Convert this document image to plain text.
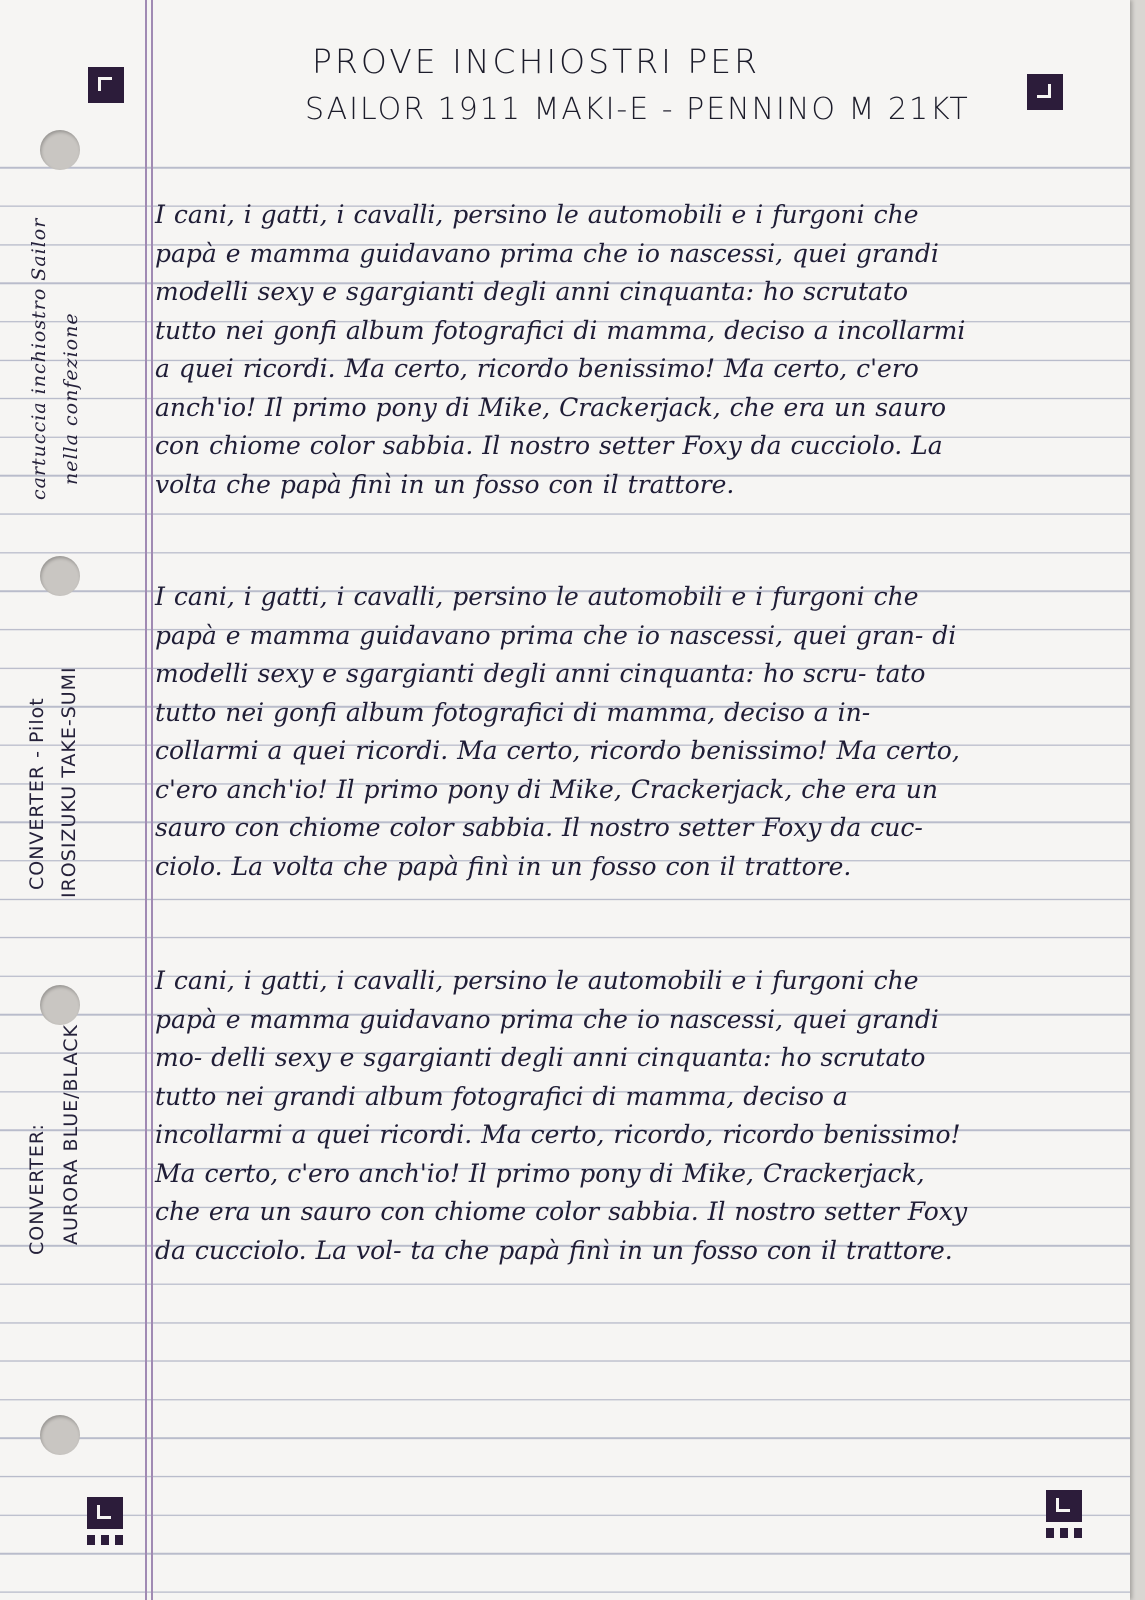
PROVE INCHIOSTRI PER
SAILOR 1911 MAKI-E - PENNINO M 21KT

cartuccia inchiostro Sailor nella confezione

CONVERTER - Pilot IROSIZUKU TAKE-SUMI

CONVERTER: AURORA BLUE/BLACK

I cani, i gatti, i cavalli, persino le automobili e i furgoni che papà e mamma guidavano prima che io nascessi, quei grandi modelli sexy e sgargianti degli anni cinquanta: ho scrutato tutto nei gonfi album fotografici di mamma, deciso a incollarmi a quei ricordi. Ma certo, ricordo benissimo! Ma certo, c'ero anch'io! Il primo pony di Mike, Crackerjack, che era un sauro con chiome color sabbia. Il nostro setter Foxy da cucciolo. La volta che papà finì in un fosso con il trattore.

I cani, i gatti, i cavalli, persino le automobili e i furgoni che papà e mamma guidavano prima che io nascessi, quei gran- di modelli sexy e sgargianti degli anni cinquanta: ho scru- tato tutto nei gonfi album fotografici di mamma, deciso a in- collarmi a quei ricordi. Ma certo, ricordo benissimo! Ma certo, c'ero anch'io! Il primo pony di Mike, Crackerjack, che era un sauro con chiome color sabbia. Il nostro setter Foxy da cuc- ciolo. La volta che papà finì in un fosso con il trattore.

I cani, i gatti, i cavalli, persino le automobili e i furgoni che papà e mamma guidavano prima che io nascessi, quei grandi mo- delli sexy e sgargianti degli anni cinquanta: ho scrutato tutto nei grandi album fotografici di mamma, deciso a incollarmi a quei ricordi. Ma certo, ricordo, ricordo benissimo! Ma certo, c'ero anch'io! Il primo pony di Mike, Crackerjack, che era un sauro con chiome color sabbia. Il nostro setter Foxy da cucciolo. La vol- ta che papà finì in un fosso con il trattore.
